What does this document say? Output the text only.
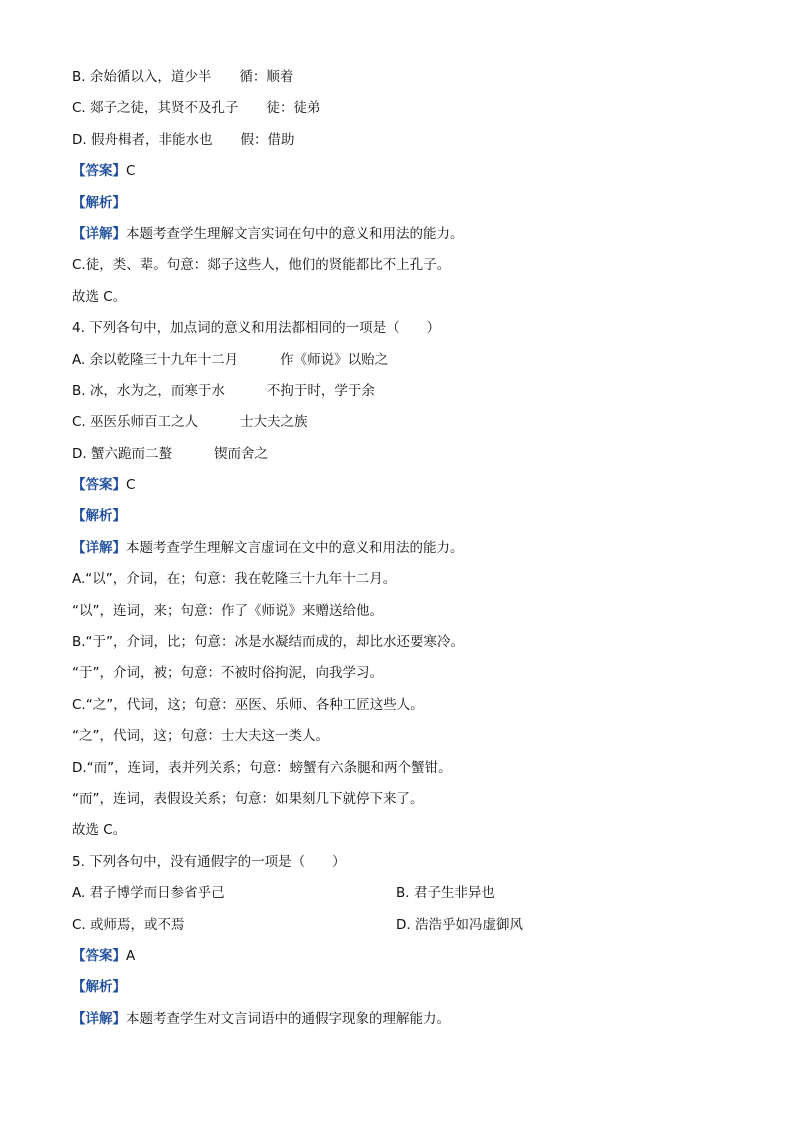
B. 余始循以入，道少半 循：顺着
C. 郯子之徒，其贤不及孔子 徒：徒弟
D. 假舟楫者，非能水也 假：借助
【答案】C
【解析】
【详解】本题考查学生理解文言实词在句中的意义和用法的能力。
C.徒，类、辈。句意：郯子这些人，他们的贤能都比不上孔子。
故选 C。
4. 下列各句中，加点词的意义和用法都相同的一项是（　　）
A. 余以乾隆三十九年十二月	作《师说》以贻之
B. 冰，水为之，而寒于水	不拘于时，学于余
C. 巫医乐师百工之人	士大夫之族
D. 蟹六跪而二螯	锲而舍之
【答案】C
【解析】
【详解】本题考查学生理解文言虚词在文中的意义和用法的能力。
A.“以”，介词，在；句意：我在乾隆三十九年十二月。
“以”，连词，来；句意：作了《师说》来赠送给他。
B.“于”，介词，比；句意：冰是水凝结而成的，却比水还要寒冷。
“于”，介词，被；句意：不被时俗拘泥，向我学习。
C.“之”，代词，这；句意：巫医、乐师、各种工匠这些人。
“之”，代词，这；句意：士大夫这一类人。
D.“而”，连词，表并列关系；句意：螃蟹有六条腿和两个蟹钳。
“而”，连词，表假设关系；句意：如果刻几下就停下来了。
故选 C。
5. 下列各句中，没有通假字的一项是（　　）
A. 君子博学而日参省乎己	B. 君子生非异也
C. 或师焉，或不焉	D. 浩浩乎如冯虚御风
【答案】A
【解析】
【详解】本题考查学生对文言词语中的通假字现象的理解能力。
